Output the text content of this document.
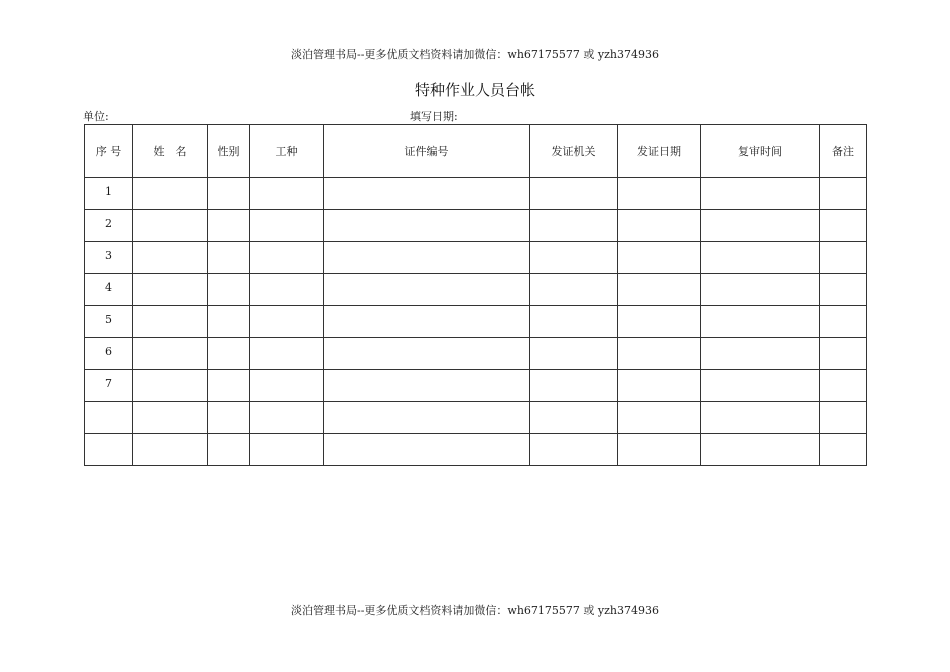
淡泊管理书局--更多优质文档资料请加微信：wh67175577 或 yzh374936
特种作业人员台帐
单位:	填写日期:
序 号	姓　名	性别	工种	证件编号	发证机关	发证日期	复审时间	备注
1								
2								
3								
4								
5								
6								
7								

淡泊管理书局--更多优质文档资料请加微信：wh67175577 或 yzh374936
